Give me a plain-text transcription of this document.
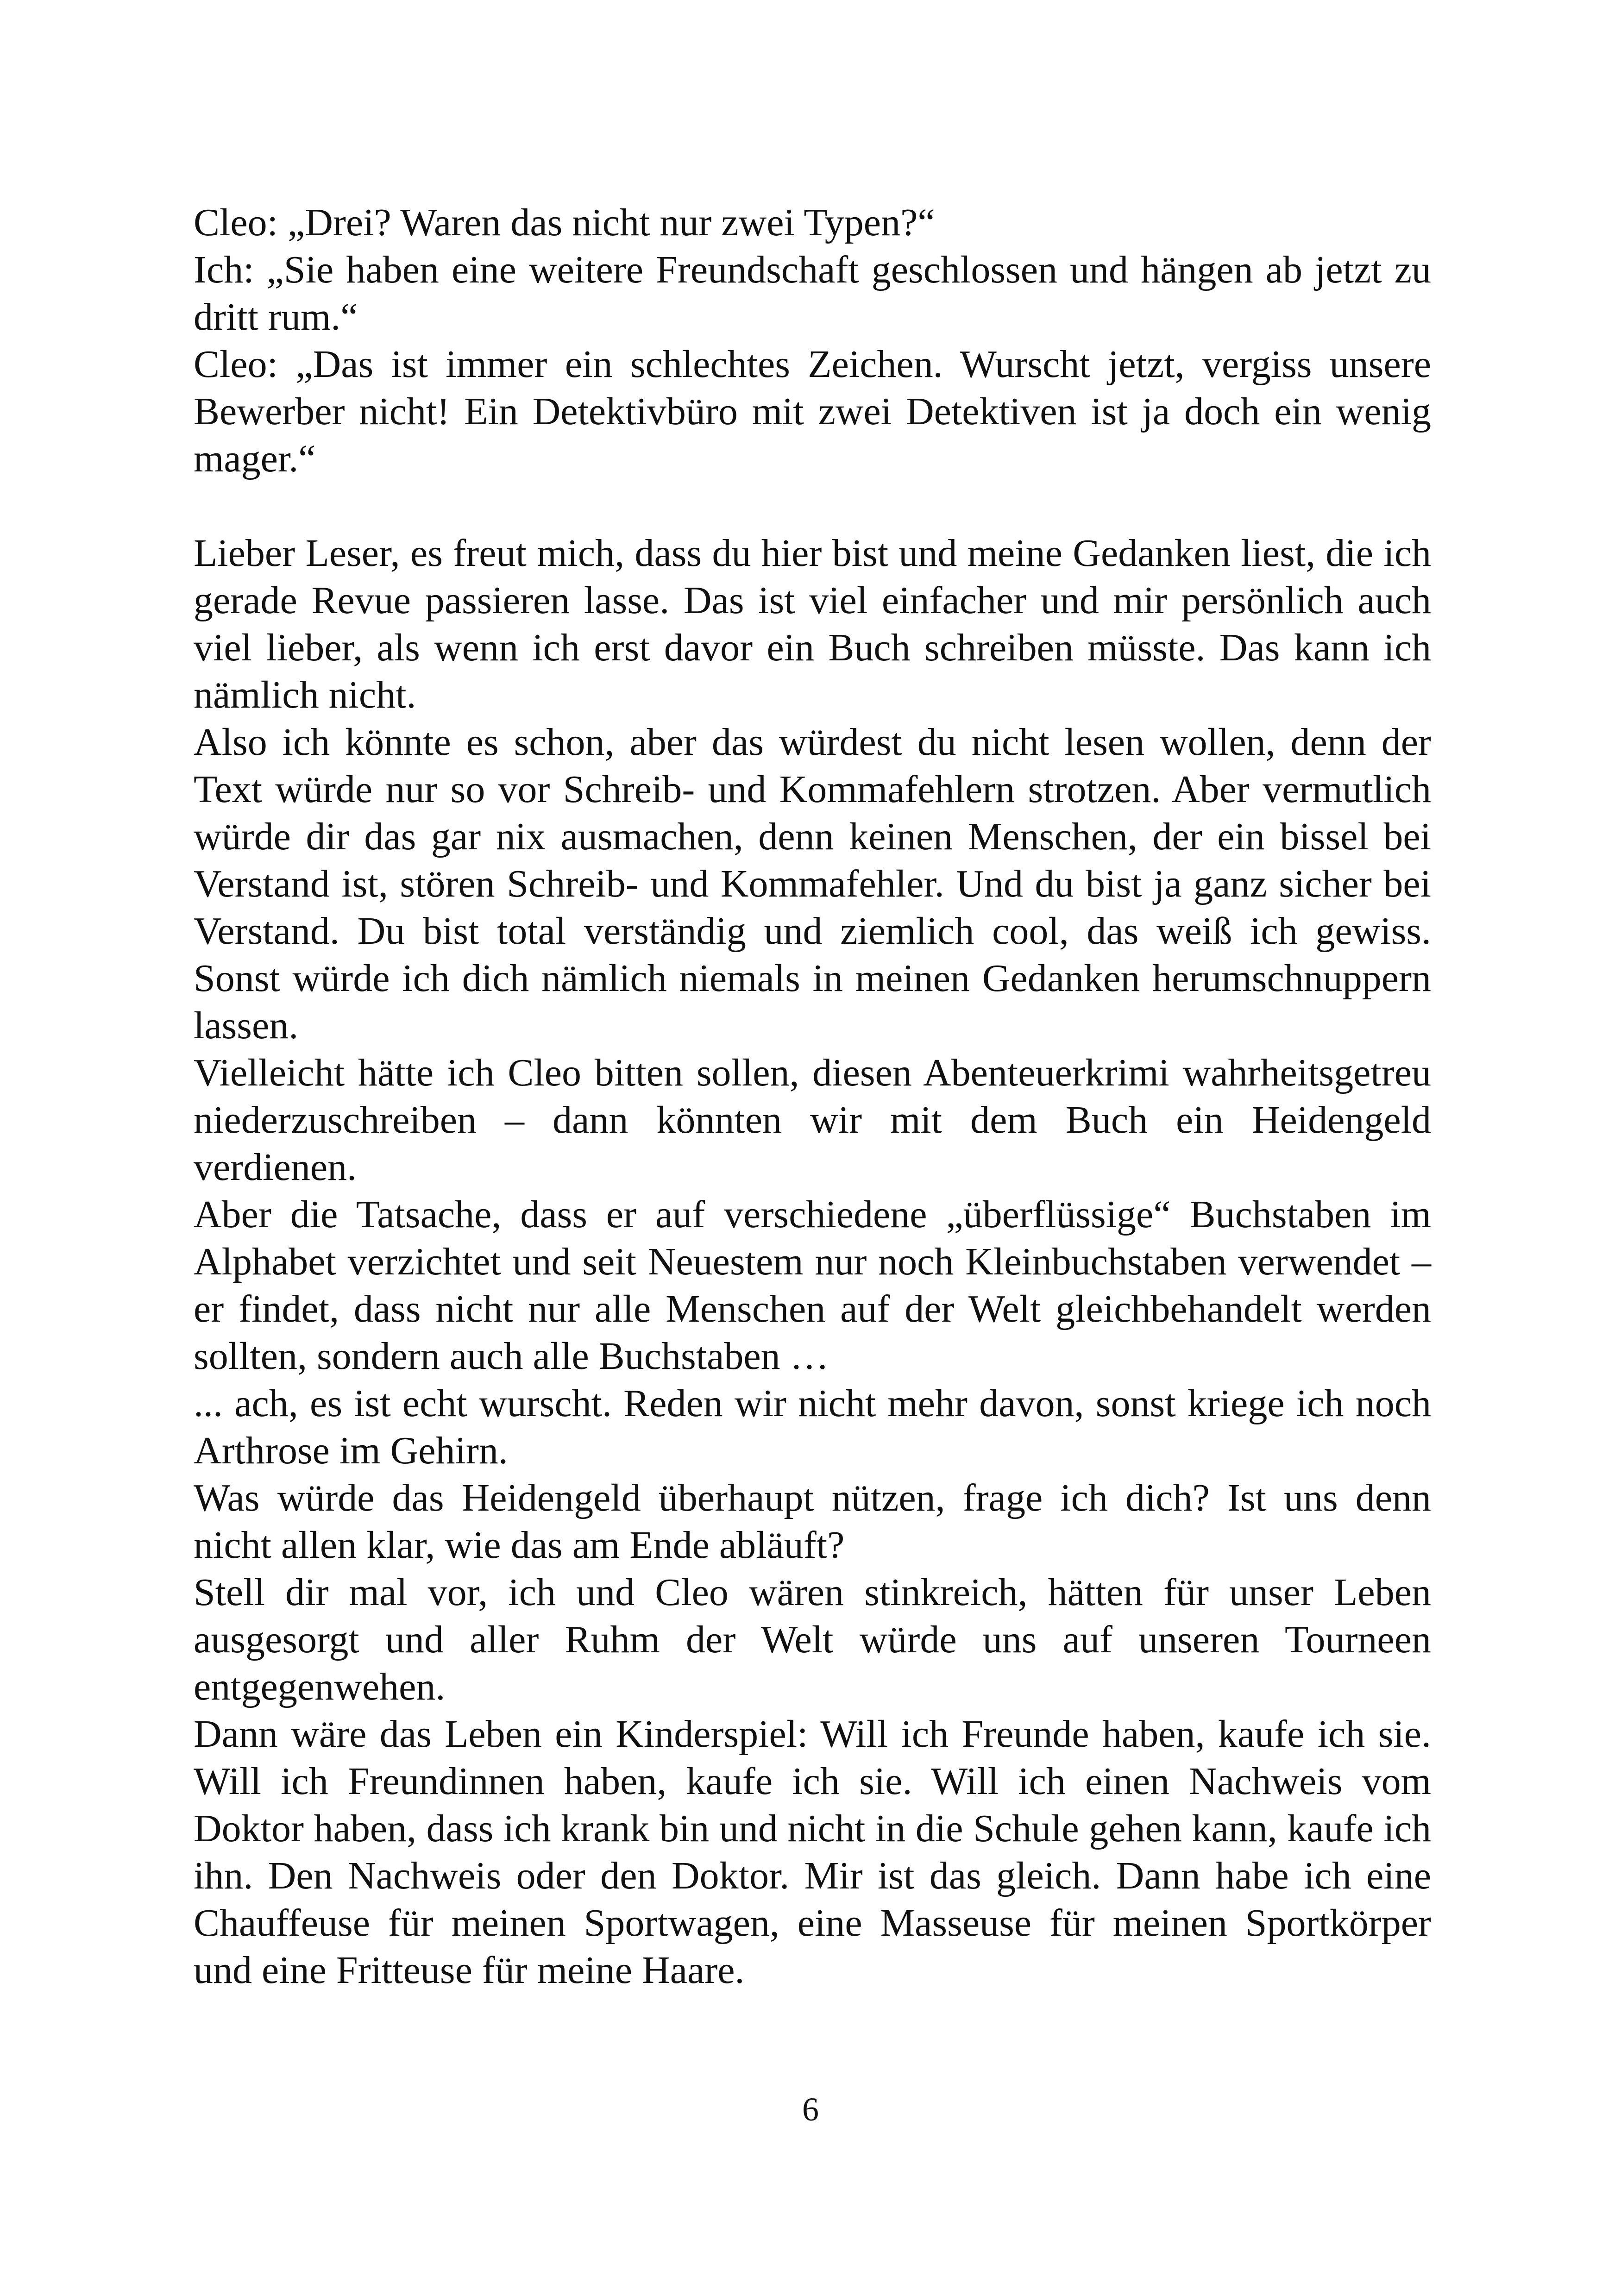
Cleo: „Drei? Waren das nicht nur zwei Typen?“

Ich: „Sie haben eine weitere Freundschaft geschlossen und hängen ab jetzt zu dritt rum.“

Cleo: „Das ist immer ein schlechtes Zeichen. Wurscht jetzt, vergiss unsere Bewerber nicht! Ein Detektivbüro mit zwei Detektiven ist ja doch ein wenig mager.“

Lieber Leser, es freut mich, dass du hier bist und meine Gedanken liest, die ich gerade Revue passieren lasse. Das ist viel einfacher und mir persönlich auch viel lieber, als wenn ich erst davor ein Buch schreiben müsste. Das kann ich nämlich nicht.

Also ich könnte es schon, aber das würdest du nicht lesen wollen, denn der Text würde nur so vor Schreib- und Kommafehlern strotzen. Aber vermutlich würde dir das gar nix ausmachen, denn keinen Menschen, der ein bissel bei Verstand ist, stören Schreib- und Kommafehler. Und du bist ja ganz sicher bei Verstand. Du bist total verständig und ziemlich cool, das weiß ich gewiss. Sonst würde ich dich nämlich niemals in meinen Gedanken herumschnuppern lassen.

Vielleicht hätte ich Cleo bitten sollen, diesen Abenteuerkrimi wahrheitsgetreu niederzuschreiben – dann könnten wir mit dem Buch ein Heidengeld verdienen.

Aber die Tatsache, dass er auf verschiedene „überflüssige“ Buchstaben im Alphabet verzichtet und seit Neuestem nur noch Kleinbuchstaben verwendet – er findet, dass nicht nur alle Menschen auf der Welt gleichbehandelt werden sollten, sondern auch alle Buchstaben …

... ach, es ist echt wurscht. Reden wir nicht mehr davon, sonst kriege ich noch Arthrose im Gehirn.

Was würde das Heidengeld überhaupt nützen, frage ich dich? Ist uns denn nicht allen klar, wie das am Ende abläuft?

Stell dir mal vor, ich und Cleo wären stinkreich, hätten für unser Leben ausgesorgt und aller Ruhm der Welt würde uns auf unseren Tourneen entgegenwehen.

Dann wäre das Leben ein Kinderspiel: Will ich Freunde haben, kaufe ich sie. Will ich Freundinnen haben, kaufe ich sie. Will ich einen Nachweis vom Doktor haben, dass ich krank bin und nicht in die Schule gehen kann, kaufe ich ihn. Den Nachweis oder den Doktor. Mir ist das gleich. Dann habe ich eine Chauffeuse für meinen Sportwagen, eine Masseuse für meinen Sportkörper und eine Fritteuse für meine Haare.

6
